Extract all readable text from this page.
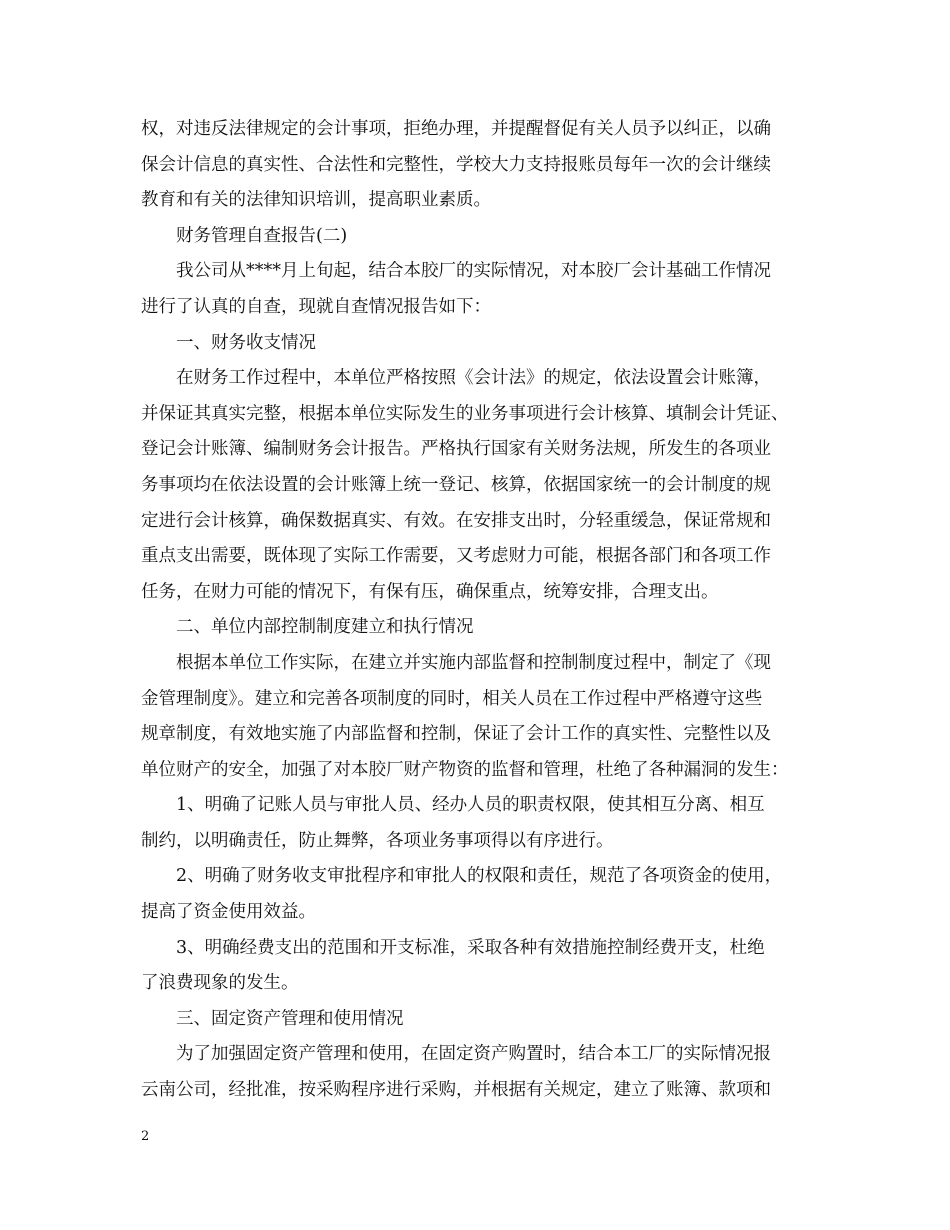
权，对违反法律规定的会计事项，拒绝办理，并提醒督促有关人员予以纠正，以确
保会计信息的真实性、合法性和完整性，学校大力支持报账员每年一次的会计继续
教育和有关的法律知识培训，提高职业素质。
财务管理自查报告(二)
我公司从****月上旬起，结合本胶厂的实际情况，对本胶厂会计基础工作情况
进行了认真的自查，现就自查情况报告如下：
一、财务收支情况
在财务工作过程中，本单位严格按照《会计法》的规定，依法设置会计账簿，
并保证其真实完整，根据本单位实际发生的业务事项进行会计核算、填制会计凭证、
登记会计账簿、编制财务会计报告。严格执行国家有关财务法规，所发生的各项业
务事项均在依法设置的会计账簿上统一登记、核算，依据国家统一的会计制度的规
定进行会计核算，确保数据真实、有效。在安排支出时，分轻重缓急，保证常规和
重点支出需要，既体现了实际工作需要，又考虑财力可能，根据各部门和各项工作
任务，在财力可能的情况下，有保有压，确保重点，统筹安排，合理支出。
二、单位内部控制制度建立和执行情况
根据本单位工作实际，在建立并实施内部监督和控制制度过程中，制定了《现
金管理制度》。建立和完善各项制度的同时，相关人员在工作过程中严格遵守这些
规章制度，有效地实施了内部监督和控制，保证了会计工作的真实性、完整性以及
单位财产的安全，加强了对本胶厂财产物资的监督和管理，杜绝了各种漏洞的发生：
1、明确了记账人员与审批人员、经办人员的职责权限，使其相互分离、相互
制约，以明确责任，防止舞弊，各项业务事项得以有序进行。
2、明确了财务收支审批程序和审批人的权限和责任，规范了各项资金的使用，
提高了资金使用效益。
3、明确经费支出的范围和开支标准，采取各种有效措施控制经费开支，杜绝
了浪费现象的发生。
三、固定资产管理和使用情况
为了加强固定资产管理和使用，在固定资产购置时，结合本工厂的实际情况报
云南公司，经批准，按采购程序进行采购，并根据有关规定，建立了账簿、款项和
2
